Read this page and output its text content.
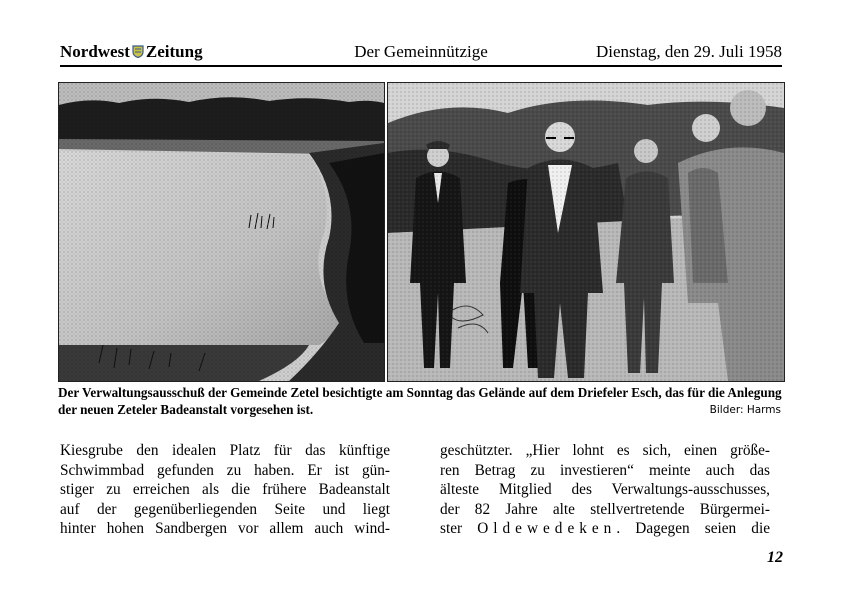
Nordwest Zeitung	Der Gemeinnützige	Dienstag, den 29. Juli 1958
Der Verwaltungsausschuß der Gemeinde Zetel besichtigte am Sonntag das Gelände auf dem Driefeler Esch, das für die Anlegung der neuen Zeteler Badeanstalt vorgesehen ist.	Bilder: Harms
Kiesgrube den idealen Platz für das künftige
Schwimmbad gefunden zu haben. Er ist gün-
stiger zu erreichen als die frühere Badeanstalt
auf der gegenüberliegenden Seite und liegt
hinter hohen Sandbergen vor allem auch wind-
geschützter. „Hier lohnt es sich, einen größe-
ren Betrag zu investieren“ meinte auch das
älteste Mitglied des Verwaltungs-ausschusses,
der 82 Jahre alte stellvertretende Bürgermei-
ster Oldewedeken. Dagegen seien die
12
